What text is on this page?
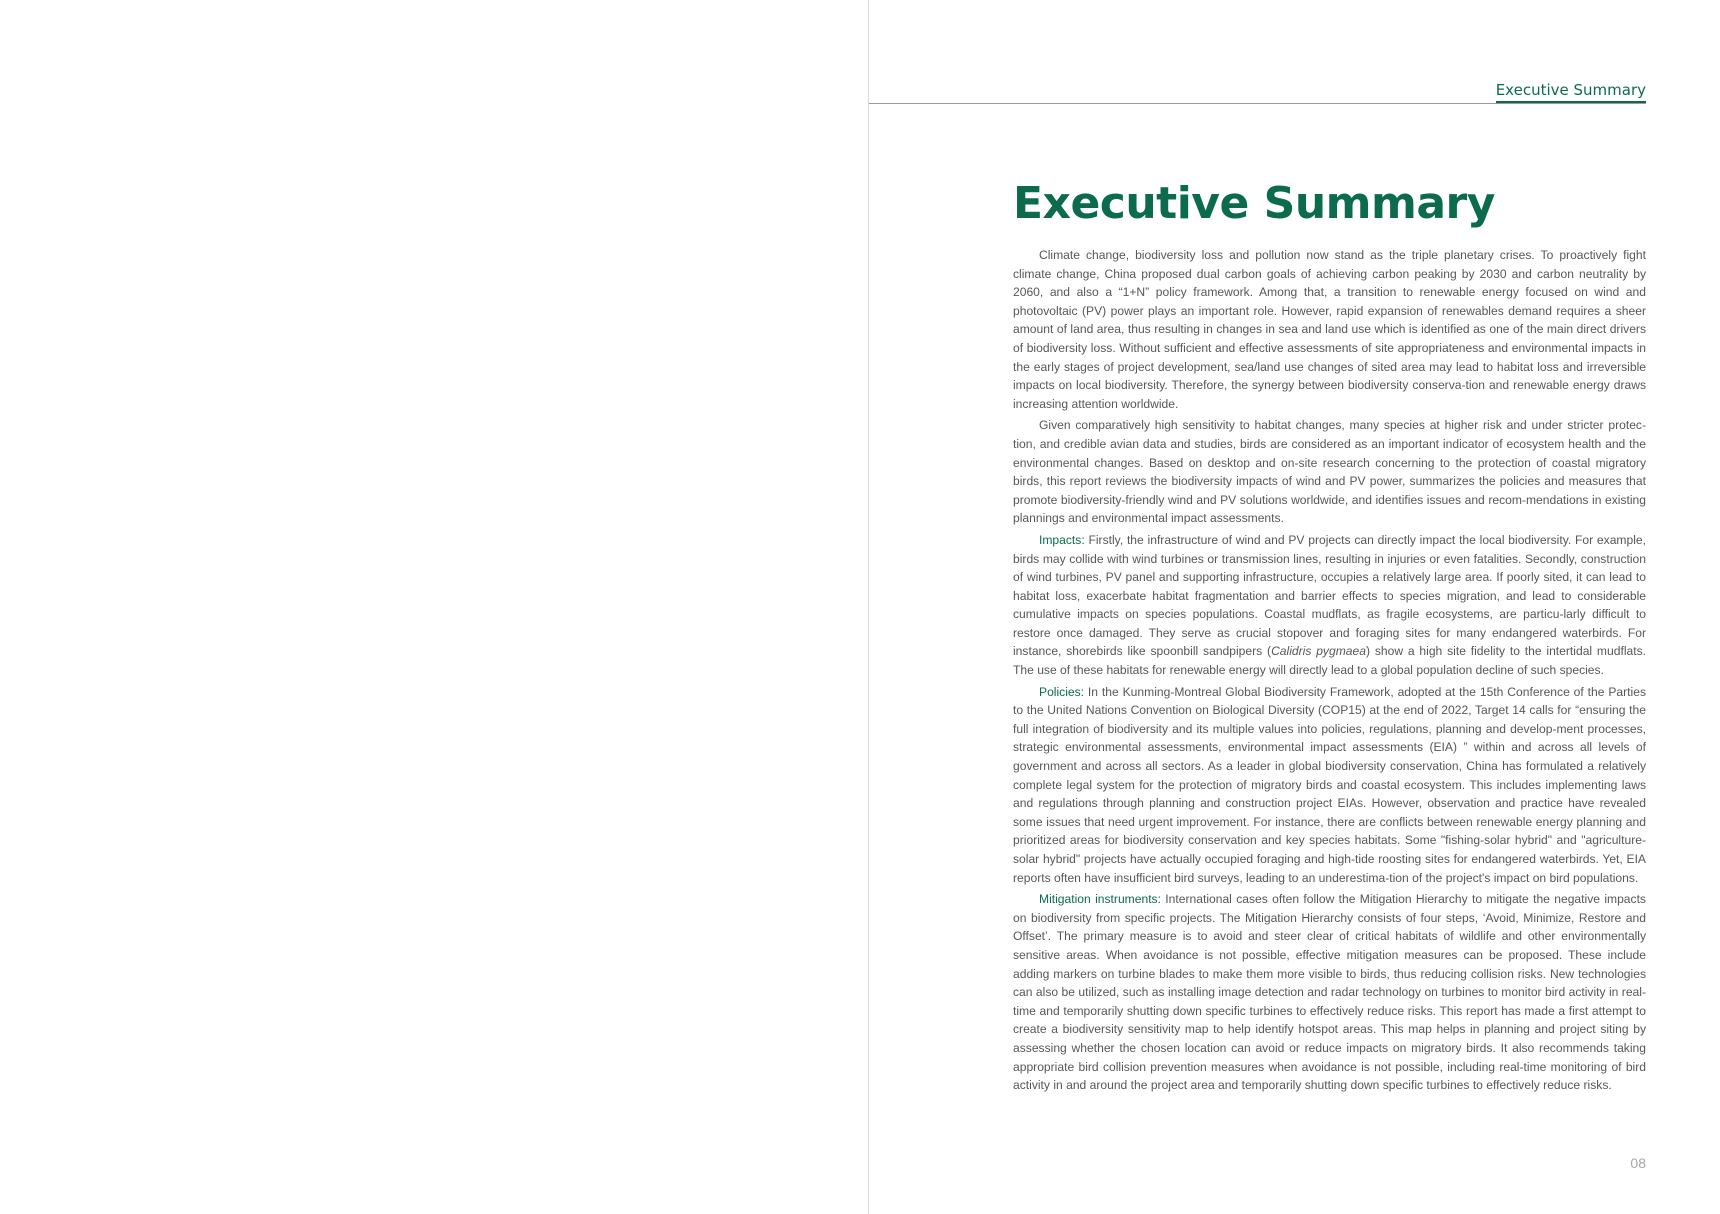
Executive Summary
Executive Summary

Climate change, biodiversity loss and pollution now stand as the triple planetary crises. To proactively fight climate change, China proposed dual carbon goals of achieving carbon peaking by 2030 and carbon neutrality by 2060, and also a “1+N” policy framework. Among that, a transition to renewable energy focused on wind and photovoltaic (PV) power plays an important role. However, rapid expansion of renewables demand requires a sheer amount of land area, thus resulting in changes in sea and land use which is identified as one of the main direct drivers of biodiversity loss. Without sufficient and effective assessments of site appropriateness and environmental impacts in the early stages of project development, sea/land use changes of sited area may lead to habitat loss and irreversible impacts on local biodiversity. Therefore, the synergy between biodiversity conserva-tion and renewable energy draws increasing attention worldwide.

Given comparatively high sensitivity to habitat changes, many species at higher risk and under stricter protec-tion, and credible avian data and studies, birds are considered as an important indicator of ecosystem health and the environmental changes. Based on desktop and on-site research concerning to the protection of coastal migratory birds, this report reviews the biodiversity impacts of wind and PV power, summarizes the policies and measures that promote biodiversity-friendly wind and PV solutions worldwide, and identifies issues and recom-mendations in existing plannings and environmental impact assessments.

Impacts: Firstly, the infrastructure of wind and PV projects can directly impact the local biodiversity. For example, birds may collide with wind turbines or transmission lines, resulting in injuries or even fatalities. Secondly, construction of wind turbines, PV panel and supporting infrastructure, occupies a relatively large area. If poorly sited, it can lead to habitat loss, exacerbate habitat fragmentation and barrier effects to species migration, and lead to considerable cumulative impacts on species populations. Coastal mudflats, as fragile ecosystems, are particu-larly difficult to restore once damaged. They serve as crucial stopover and foraging sites for many endangered waterbirds. For instance, shorebirds like spoonbill sandpipers (Calidris pygmaea) show a high site fidelity to the intertidal mudflats. The use of these habitats for renewable energy will directly lead to a global population decline of such species.

Policies: In the Kunming-Montreal Global Biodiversity Framework, adopted at the 15th Conference of the Parties to the United Nations Convention on Biological Diversity (COP15) at the end of 2022, Target 14 calls for “ensuring the full integration of biodiversity and its multiple values into policies, regulations, planning and develop-ment processes, strategic environmental assessments, environmental impact assessments (EIA) ” within and across all levels of government and across all sectors. As a leader in global biodiversity conservation, China has formulated a relatively complete legal system for the protection of migratory birds and coastal ecosystem. This includes implementing laws and regulations through planning and construction project EIAs. However, observation and practice have revealed some issues that need urgent improvement. For instance, there are conflicts between renewable energy planning and prioritized areas for biodiversity conservation and key species habitats. Some "fishing-solar hybrid" and "agriculture-solar hybrid" projects have actually occupied foraging and high-tide roosting sites for endangered waterbirds. Yet, EIA reports often have insufficient bird surveys, leading to an underestima-tion of the project's impact on bird populations.

Mitigation instruments: International cases often follow the Mitigation Hierarchy to mitigate the negative impacts on biodiversity from specific projects. The Mitigation Hierarchy consists of four steps, ‘Avoid, Minimize, Restore and Offset’. The primary measure is to avoid and steer clear of critical habitats of wildlife and other environmentally sensitive areas. When avoidance is not possible, effective mitigation measures can be proposed. These include adding markers on turbine blades to make them more visible to birds, thus reducing collision risks. New technologies can also be utilized, such as installing image detection and radar technology on turbines to monitor bird activity in real-time and temporarily shutting down specific turbines to effectively reduce risks. This report has made a first attempt to create a biodiversity sensitivity map to help identify hotspot areas. This map helps in planning and project siting by assessing whether the chosen location can avoid or reduce impacts on migratory birds. It also recommends taking appropriate bird collision prevention measures when avoidance is not possible, including real-time monitoring of bird activity in and around the project area and temporarily shutting down specific turbines to effectively reduce risks.

08
